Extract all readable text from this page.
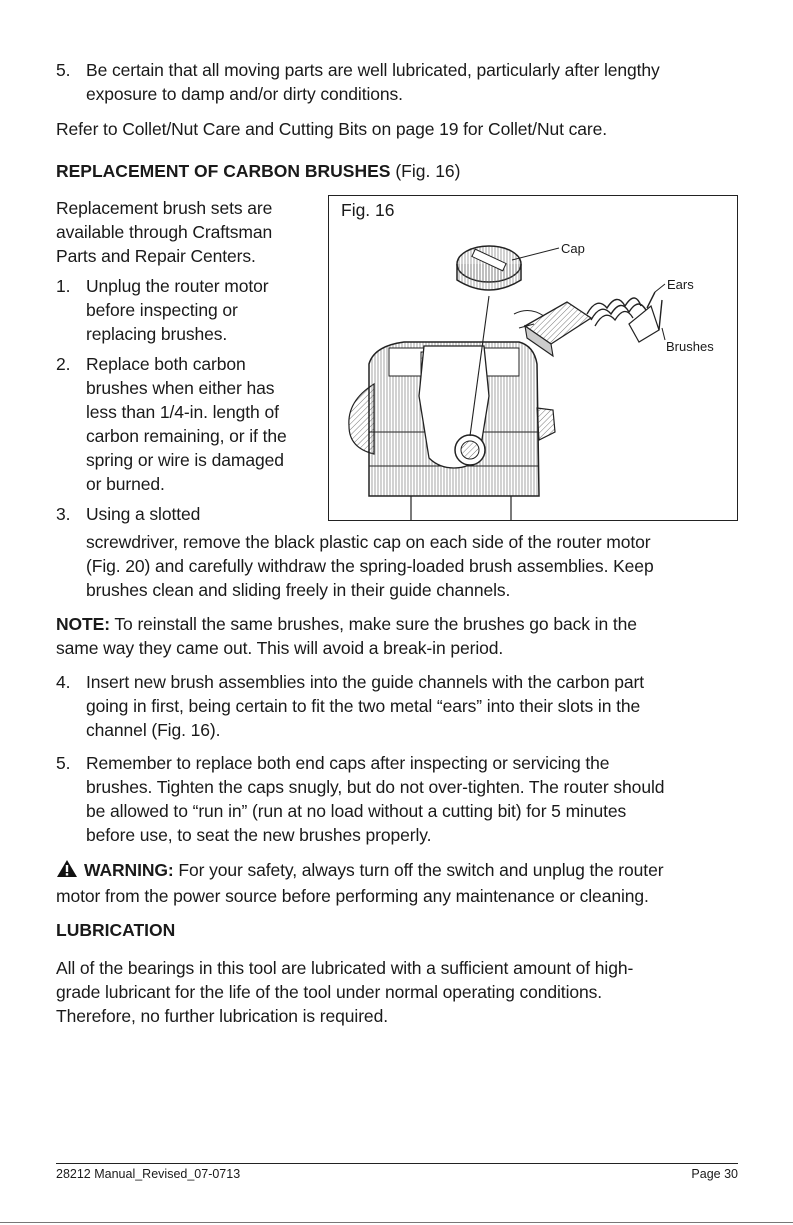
5. Be certain that all moving parts are well lubricated, particularly after lengthy
exposure to damp and/or dirty conditions.
Refer to Collet/Nut Care and Cutting Bits on page 19 for Collet/Nut care.
REPLACEMENT OF CARBON BRUSHES (Fig. 16)
Replacement brush sets are
available through Craftsman
Parts and Repair Centers.
1. Unplug the router motor
before inspecting or
replacing brushes.
2. Replace both carbon
brushes when either has
less than 1/4-in. length of
carbon remaining, or if the
spring or wire is damaged
or burned.
3. Using a slotted
Fig. 16
Cap
Ears
Brushes
screwdriver, remove the black plastic cap on each side of the router motor
(Fig. 20) and carefully withdraw the spring-loaded brush assemblies. Keep
brushes clean and sliding freely in their guide channels.
NOTE: To reinstall the same brushes, make sure the brushes go back in the
same way they came out. This will avoid a break-in period.
4. Insert new brush assemblies into the guide channels with the carbon part
going in first, being certain to fit the two metal “ears” into their slots in the
channel (Fig. 16).
5. Remember to replace both end caps after inspecting or servicing the
brushes. Tighten the caps snugly, but do not over-tighten. The router should
be allowed to “run in” (run at no load without a cutting bit) for 5 minutes
before use, to seat the new brushes properly.
WARNING: For your safety, always turn off the switch and unplug the router
motor from the power source before performing any maintenance or cleaning.
LUBRICATION
All of the bearings in this tool are lubricated with a sufficient amount of high-
grade lubricant for the life of the tool under normal operating conditions.
Therefore, no further lubrication is required.
28212 Manual_Revised_07-0713	Page 30
